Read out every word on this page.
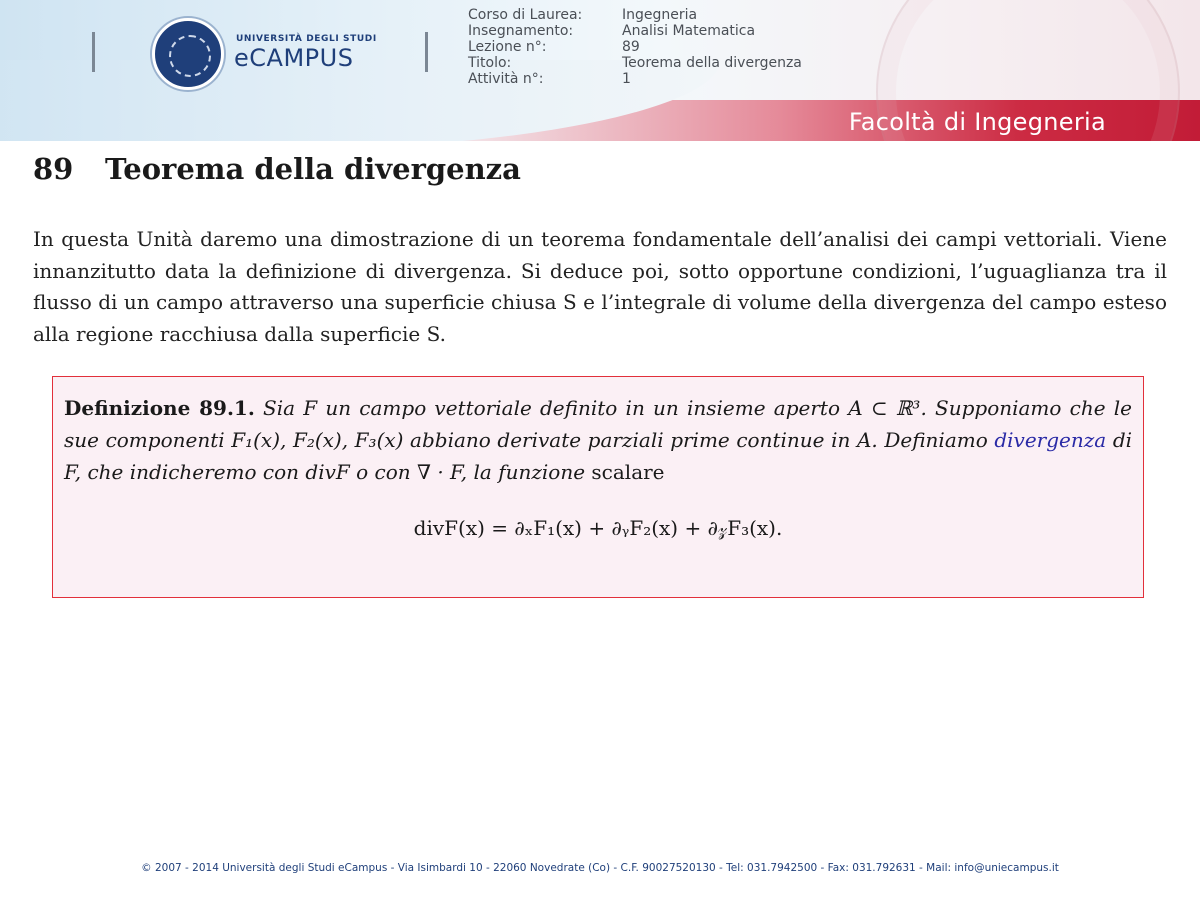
UNIVERSITÀ DEGLI STUDI
eCAMPUS
Corso di Laurea:	Ingegneria
Insegnamento:	Analisi Matematica
Lezione n°:	89
Titolo:	Teorema della divergenza
Attività n°:	1
Facoltà di Ingegneria
89 Teorema della divergenza

In questa Unità daremo una dimostrazione di un teorema fondamentale dell’analisi dei campi vettoriali. Viene innanzitutto data la definizione di divergenza. Si deduce poi, sotto opportune condizioni, l’uguaglianza tra il flusso di un campo attraverso una superficie chiusa S e l’integrale di volume della divergenza del campo esteso alla regione racchiusa dalla superficie S.

Definizione 89.1. Sia F un campo vettoriale definito in un insieme aperto A ⊂ ℝ³. Supponiamo che le sue componenti F₁(x), F₂(x), F₃(x) abbiano derivate parziali prime continue in A. Definiamo divergenza di F, che indicheremo con divF o con ∇ · F, la funzione scalare

divF(x) = ∂ₓF₁(x) + ∂ᵧF₂(x) + ∂𝓏F₃(x).
© 2007 - 2014 Università degli Studi eCampus - Via Isimbardi 10 - 22060 Novedrate (Co) - C.F. 90027520130 - Tel: 031.7942500 - Fax: 031.792631 - Mail: info@uniecampus.it
